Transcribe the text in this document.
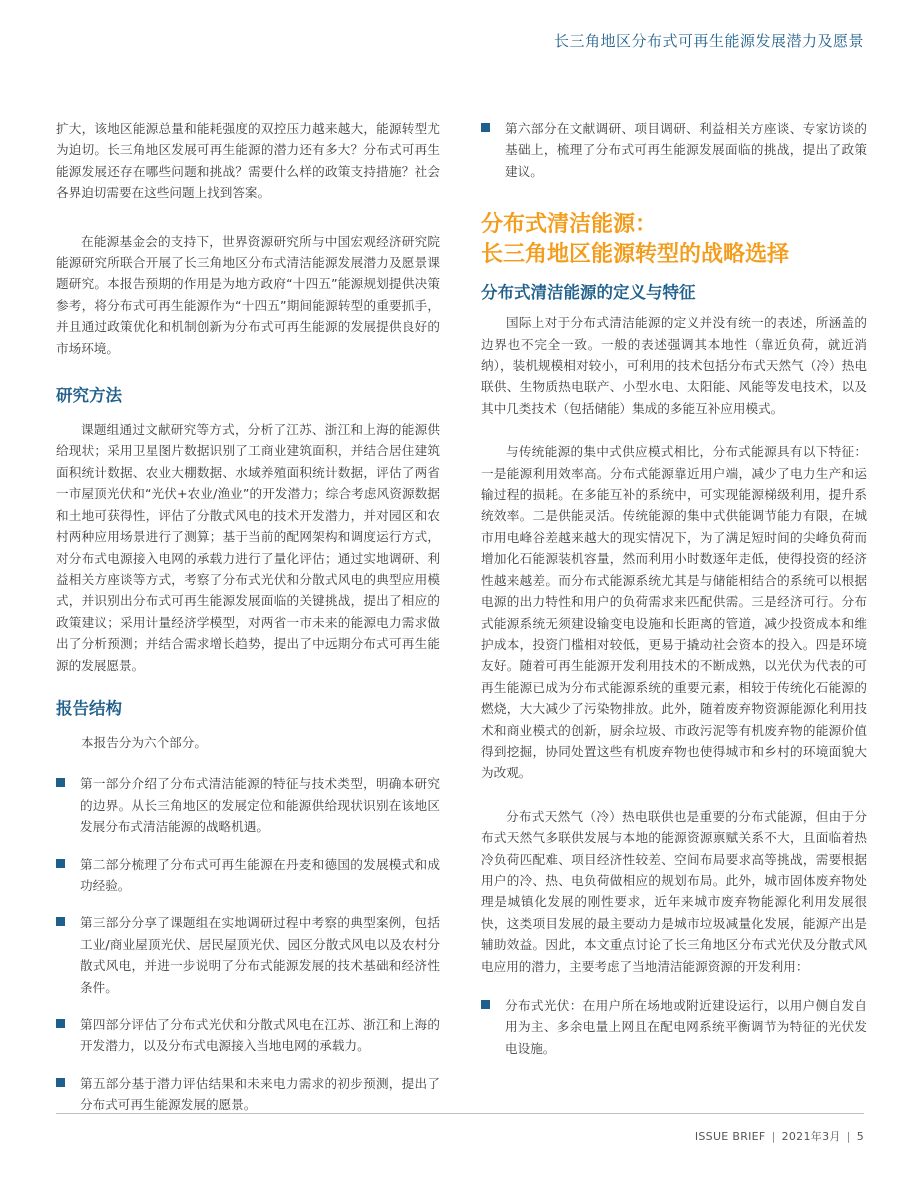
长三角地区分布式可再生能源发展潜力及愿景

扩大，该地区能源总量和能耗强度的双控压力越来越大，能源转型尤为迫切。长三角地区发展可再生能源的潜力还有多大？分布式可再生能源发展还存在哪些问题和挑战？需要什么样的政策支持措施？社会各界迫切需要在这些问题上找到答案。

在能源基金会的支持下，世界资源研究所与中国宏观经济研究院能源研究所联合开展了长三角地区分布式清洁能源发展潜力及愿景课题研究。本报告预期的作用是为地方政府“十四五”能源规划提供决策参考，将分布式可再生能源作为“十四五”期间能源转型的重要抓手，并且通过政策优化和机制创新为分布式可再生能源的发展提供良好的市场环境。

研究方法

课题组通过文献研究等方式，分析了江苏、浙江和上海的能源供给现状；采用卫星图片数据识别了工商业建筑面积，并结合居住建筑面积统计数据、农业大棚数据、水域养殖面积统计数据，评估了两省一市屋顶光伏和“光伏+农业/渔业”的开发潜力；综合考虑风资源数据和土地可获得性，评估了分散式风电的技术开发潜力，并对园区和农村两种应用场景进行了测算；基于当前的配网架构和调度运行方式，对分布式电源接入电网的承载力进行了量化评估；通过实地调研、利益相关方座谈等方式，考察了分布式光伏和分散式风电的典型应用模式，并识别出分布式可再生能源发展面临的关键挑战，提出了相应的政策建议；采用计量经济学模型，对两省一市未来的能源电力需求做出了分析预测；并结合需求增长趋势，提出了中远期分布式可再生能源的发展愿景。

报告结构

本报告分为六个部分。

第一部分介绍了分布式清洁能源的特征与技术类型，明确本研究的边界。从长三角地区的发展定位和能源供给现状识别在该地区发展分布式清洁能源的战略机遇。
第二部分梳理了分布式可再生能源在丹麦和德国的发展模式和成功经验。
第三部分分享了课题组在实地调研过程中考察的典型案例，包括工业/商业屋顶光伏、居民屋顶光伏、园区分散式风电以及农村分散式风电，并进一步说明了分布式能源发展的技术基础和经济性条件。
第四部分评估了分布式光伏和分散式风电在江苏、浙江和上海的开发潜力，以及分布式电源接入当地电网的承载力。
第五部分基于潜力评估结果和未来电力需求的初步预测，提出了分布式可再生能源发展的愿景。
第六部分在文献调研、项目调研、利益相关方座谈、专家访谈的基础上，梳理了分布式可再生能源发展面临的挑战，提出了政策建议。
分布式清洁能源：
长三角地区能源转型的战略选择
分布式清洁能源的定义与特征

国际上对于分布式清洁能源的定义并没有统一的表述，所涵盖的边界也不完全一致。一般的表述强调其本地性（靠近负荷，就近消纳），装机规模相对较小，可利用的技术包括分布式天然气（冷）热电联供、生物质热电联产、小型水电、太阳能、风能等发电技术，以及其中几类技术（包括储能）集成的多能互补应用模式。

与传统能源的集中式供应模式相比，分布式能源具有以下特征：一是能源利用效率高。分布式能源靠近用户端，减少了电力生产和运输过程的损耗。在多能互补的系统中，可实现能源梯级利用，提升系统效率。二是供能灵活。传统能源的集中式供能调节能力有限，在城市用电峰谷差越来越大的现实情况下，为了满足短时间的尖峰负荷而增加化石能源装机容量，然而利用小时数逐年走低，使得投资的经济性越来越差。而分布式能源系统尤其是与储能相结合的系统可以根据电源的出力特性和用户的负荷需求来匹配供需。三是经济可行。分布式能源系统无须建设输变电设施和长距离的管道，减少投资成本和维护成本，投资门槛相对较低，更易于撬动社会资本的投入。四是环境友好。随着可再生能源开发利用技术的不断成熟，以光伏为代表的可再生能源已成为分布式能源系统的重要元素，相较于传统化石能源的燃烧，大大减少了污染物排放。此外，随着废弃物资源能源化利用技术和商业模式的创新，厨余垃圾、市政污泥等有机废弃物的能源价值得到挖掘，协同处置这些有机废弃物也使得城市和乡村的环境面貌大为改观。

分布式天然气（冷）热电联供也是重要的分布式能源，但由于分布式天然气多联供发展与本地的能源资源禀赋关系不大，且面临着热冷负荷匹配难、项目经济性较差、空间布局要求高等挑战，需要根据用户的冷、热、电负荷做相应的规划布局。此外，城市固体废弃物处理是城镇化发展的刚性要求，近年来城市废弃物能源化利用发展很快，这类项目发展的最主要动力是城市垃圾减量化发展，能源产出是辅助效益。因此，本文重点讨论了长三角地区分布式光伏及分散式风电应用的潜力，主要考虑了当地清洁能源资源的开发利用：

分布式光伏：在用户所在场地或附近建设运行，以用户侧自发自用为主、多余电量上网且在配电网系统平衡调节为特征的光伏发电设施。
ISSUE BRIEF | 2021年3月 | 5
